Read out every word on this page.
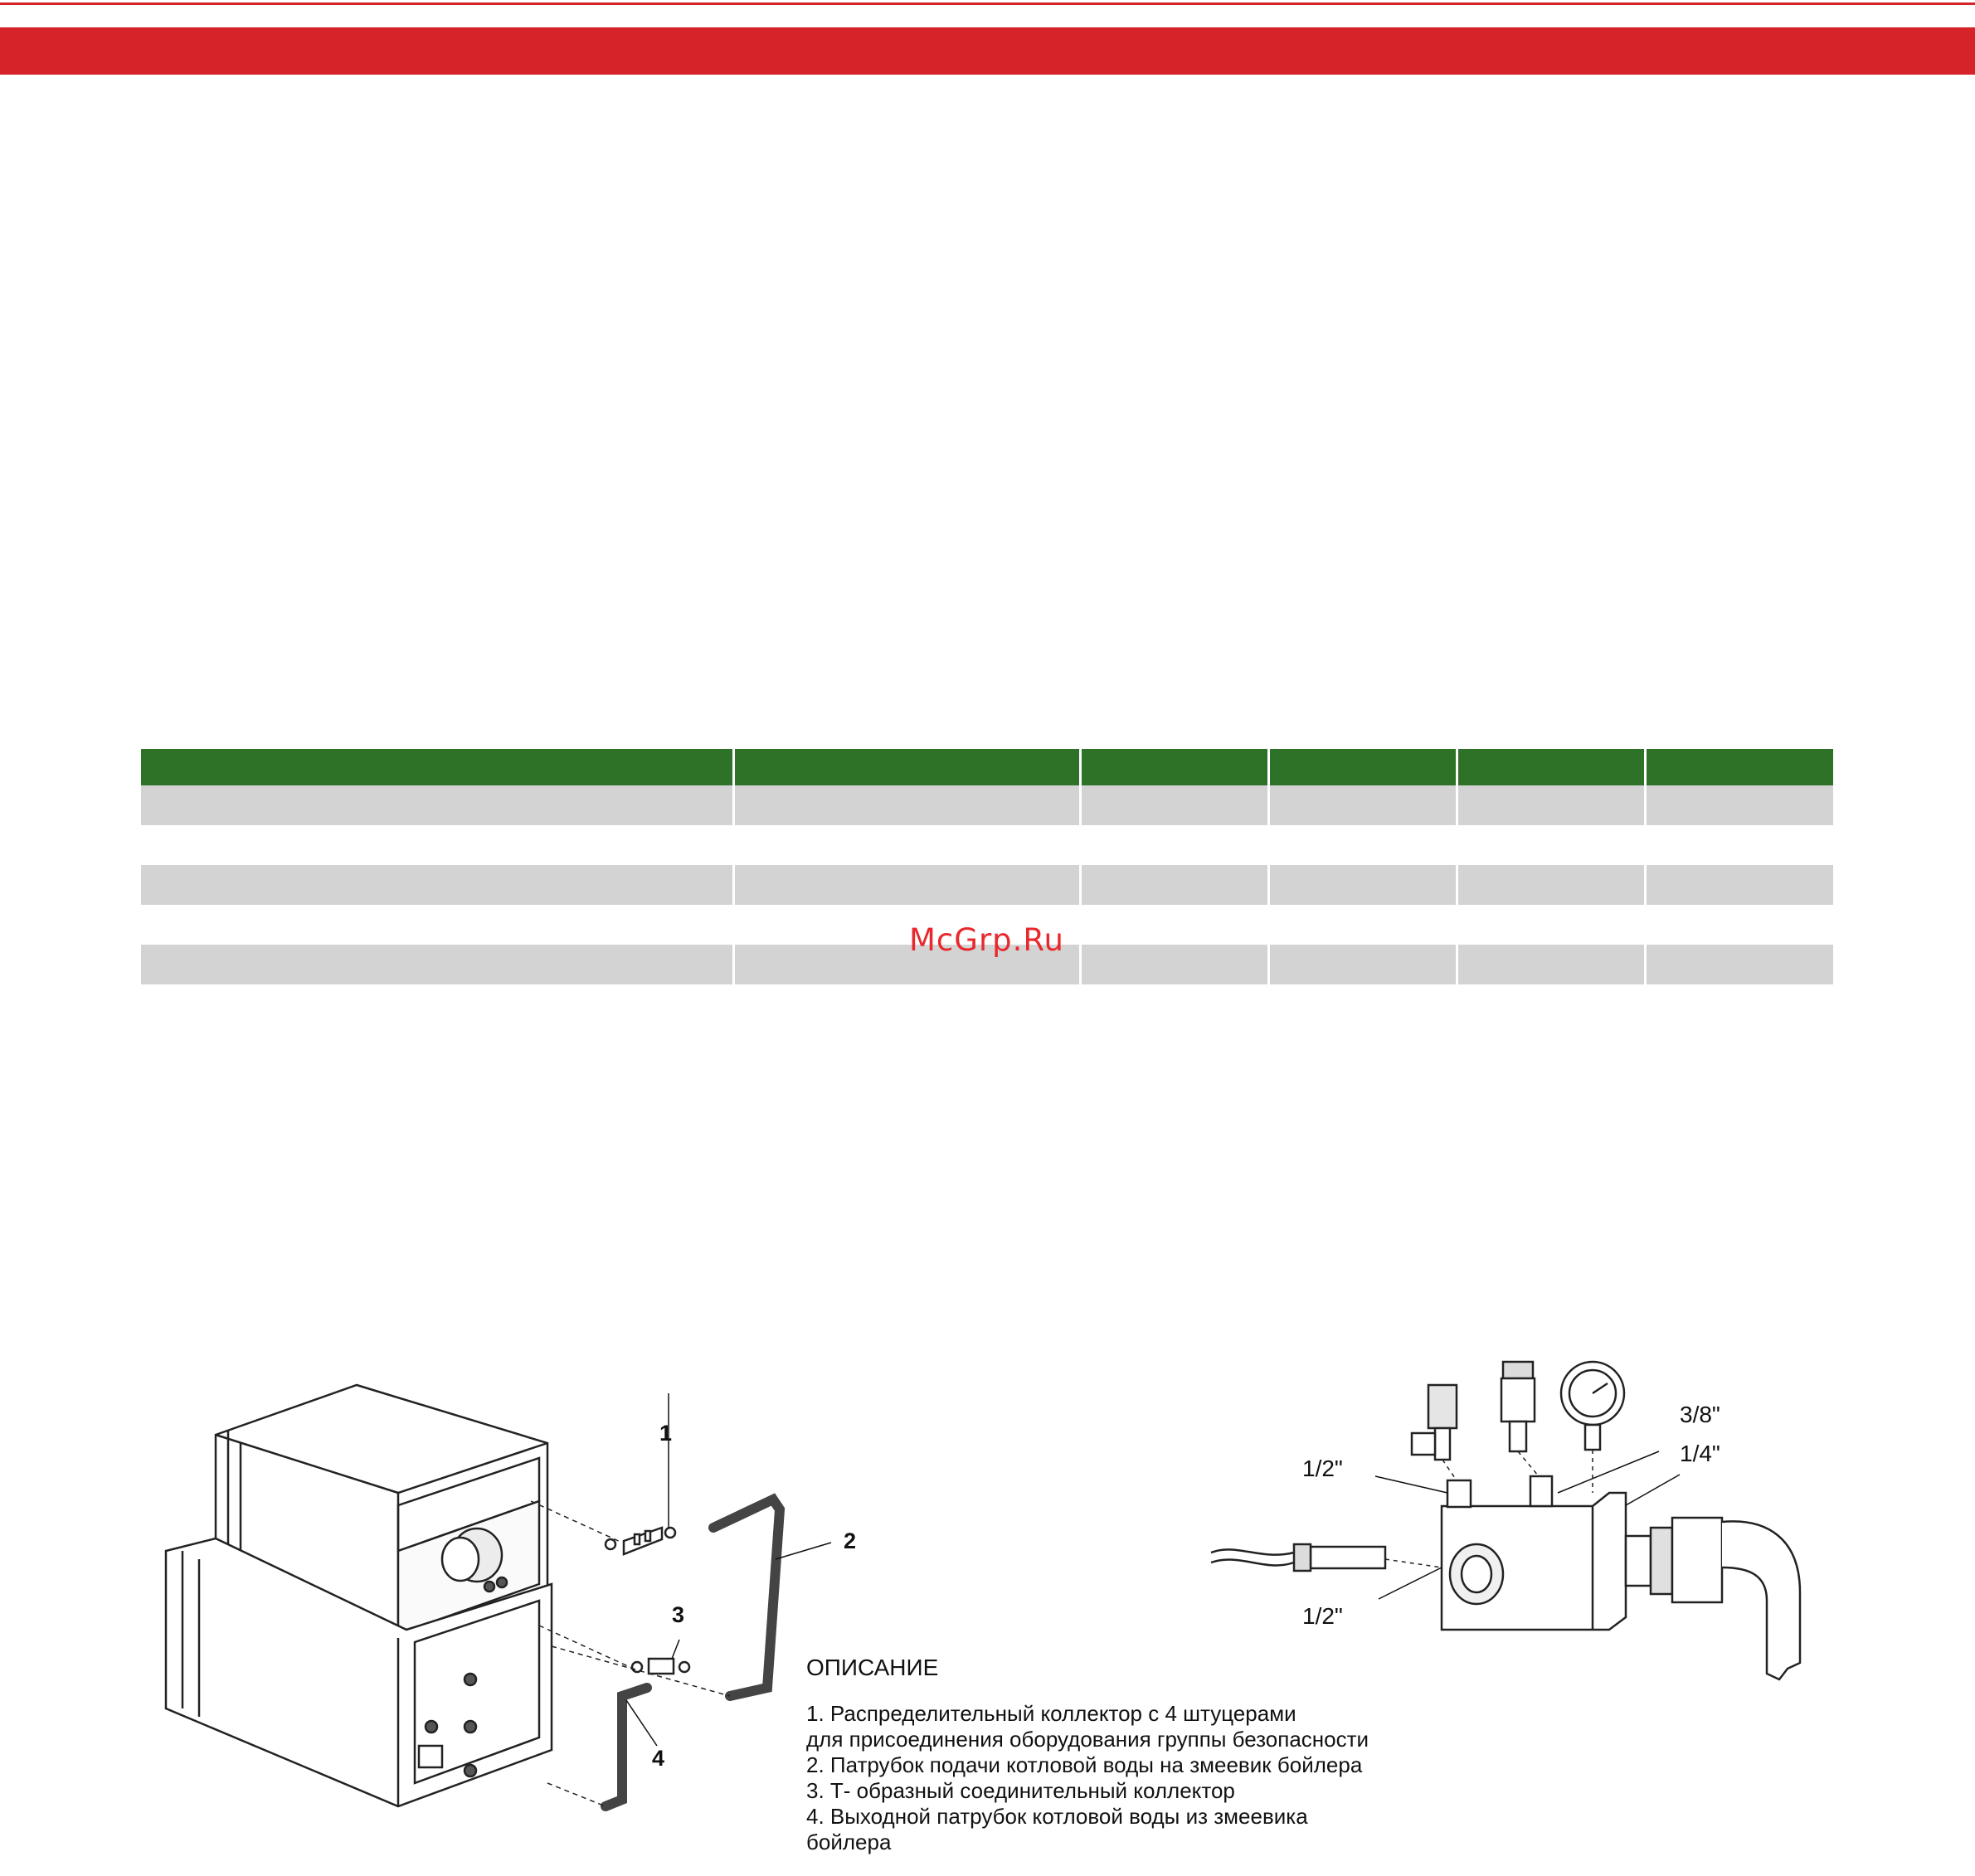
McGrp.Ru
1
2
3
4
3/8"
1/4"
1/2"
1/2"

ОПИСАНИЕ

1. Распределительный коллектор с 4 штуцерами
для присоединения оборудования группы безопасности
2. Патрубок подачи котловой воды на змеевик бойлера
3. Т- образный соединительный коллектор
4. Выходной патрубок котловой воды из змеевика
бойлера
